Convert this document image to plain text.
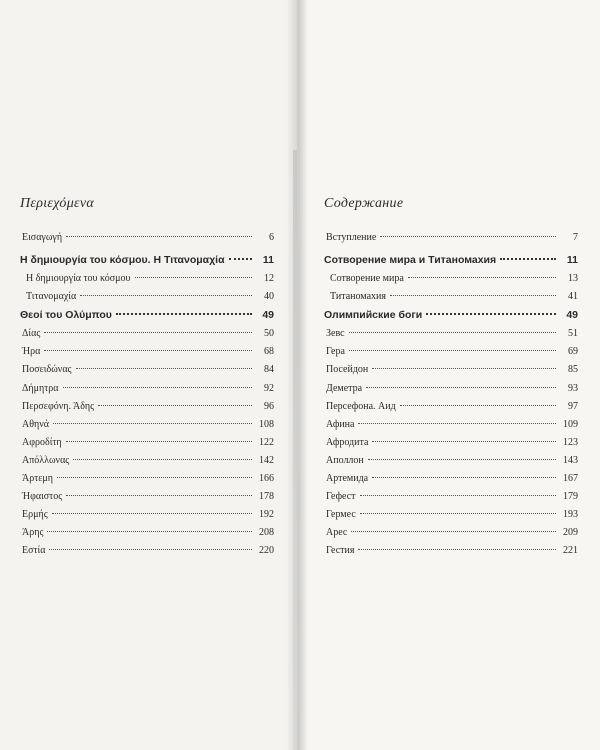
Περιεχόμενα
Εισαγωγή	6
Η δημιουργία του κόσμου. Η Τιτανομαχία	11
Η δημιουργία του κόσμου	12
Τιτανομαχία	40
Θεοί του Ολύμπου	49
Δίας	50
Ήρα	68
Ποσειδώνας	84
Δήμητρα	92
Περσεφόνη. Άδης	96
Αθηνά	108
Αφροδίτη	122
Απόλλωνας	142
Άρτεμη	166
Ήφαιστος	178
Ερμής	192
Άρης	208
Εστία	220
Содержание
Вступление	7
Сотворение мира и Титаномахия	11
Сотворение мира	13
Титаномахия	41
Олимпийские боги	49
Зевс	51
Гера	69
Посейдон	85
Деметра	93
Персефона. Аид	97
Афина	109
Афродита	123
Аполлон	143
Артемида	167
Гефест	179
Гермес	193
Арес	209
Гестия	221
